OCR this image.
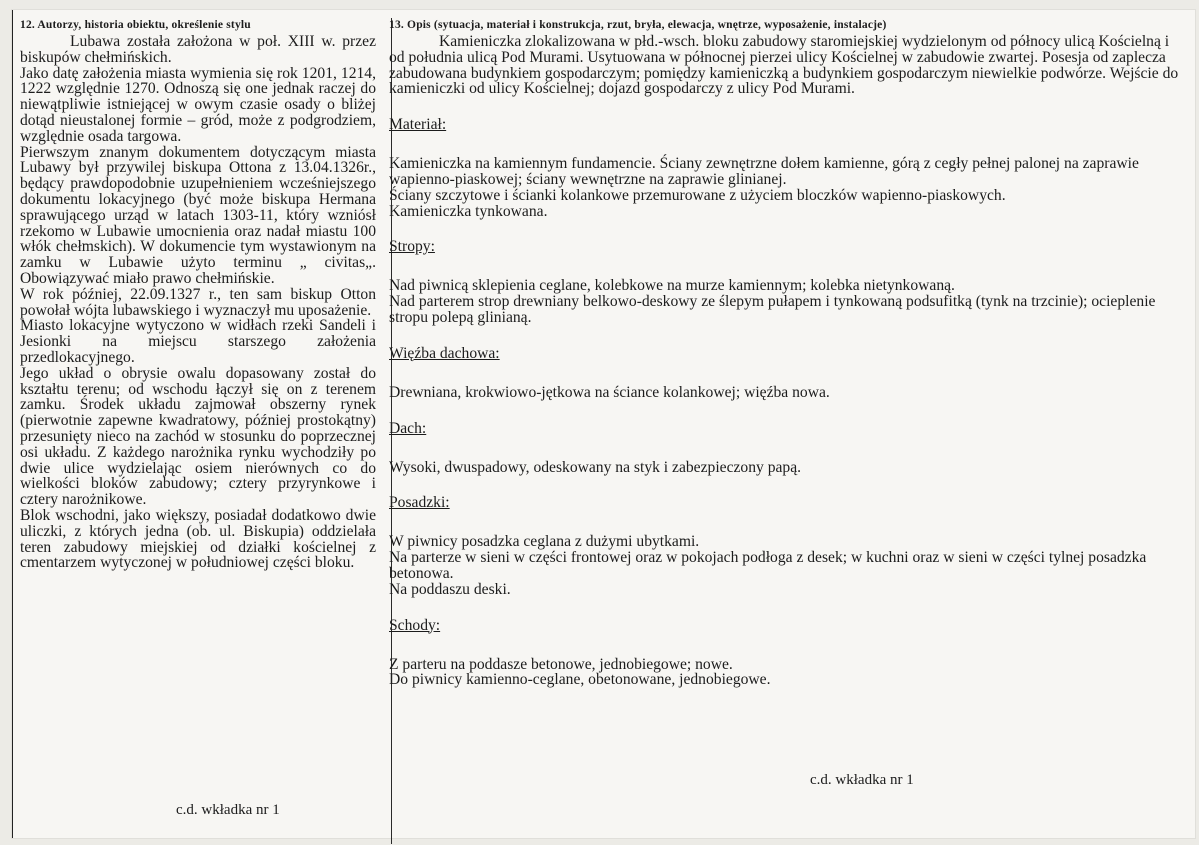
12. Autorzy, historia obiektu, określenie stylu

Lubawa została założona w poł. XIII w. przez biskupów chełmińskich.

Jako datę założenia miasta wymienia się rok 1201, 1214, 1222 względnie 1270. Odnoszą się one jednak raczej do niewątpliwie istniejącej w owym czasie osady o bliżej dotąd nieustalonej formie – gród, może z podgrodziem, względnie osada targowa.

Pierwszym znanym dokumentem dotyczącym miasta Lubawy był przywilej biskupa Ottona z 13.04.1326r., będący prawdopodobnie uzupełnieniem wcześniejszego dokumentu lokacyjnego (być może biskupa Hermana sprawującego urząd w latach 1303-11, który wzniósł rzekomo w Lubawie umocnienia oraz nadał miastu 100 włók chełmskich). W dokumencie tym wystawionym na zamku w Lubawie użyto terminu „ civitas„. Obowiązywać miało prawo chełmińskie.

W rok później, 22.09.1327 r., ten sam biskup Otton powołał wójta lubawskiego i wyznaczył mu uposażenie.

Miasto lokacyjne wytyczono w widłach rzeki Sandeli i Jesionki na miejscu starszego założenia przedlokacyjnego.

Jego układ o obrysie owalu dopasowany został do kształtu terenu; od wschodu łączył się on z terenem zamku. Środek układu zajmował obszerny rynek (pierwotnie zapewne kwadratowy, później prostokątny) przesunięty nieco na zachód w stosunku do poprzecznej osi układu. Z każdego narożnika rynku wychodziły po dwie ulice wydzielając osiem nierównych co do wielkości bloków zabudowy; cztery przyrynkowe i cztery narożnikowe.

Blok wschodni, jako większy, posiadał dodatkowo dwie uliczki, z których jedna (ob. ul. Biskupia) oddzielała teren zabudowy miejskiej od działki kościelnej z cmentarzem wytyczonej w południowej części bloku.

c.d. wkładka nr 1
13. Opis (sytuacja, materiał i konstrukcja, rzut, bryła, elewacja, wnętrze, wyposażenie, instalacje)

Kamieniczka zlokalizowana w płd.-wsch. bloku zabudowy staromiejskiej wydzielonym od północy ulicą Kościelną i od południa ulicą Pod Murami. Usytuowana w północnej pierzei ulicy Kościelnej w zabudowie zwartej. Posesja od zaplecza zabudowana budynkiem gospodarczym; pomiędzy kamieniczką a budynkiem gospodarczym niewielkie podwórze. Wejście do kamieniczki od ulicy Kościelnej; dojazd gospodarczy z ulicy Pod Murami.

Materiał:

Kamieniczka na kamiennym fundamencie. Ściany zewnętrzne dołem kamienne, górą z cegły pełnej palonej na zaprawie wapienno-piaskowej; ściany wewnętrzne na zaprawie glinianej.

Ściany szczytowe i ścianki kolankowe przemurowane z użyciem bloczków wapienno-piaskowych.

Kamieniczka tynkowana.

Stropy:

Nad piwnicą sklepienia ceglane, kolebkowe na murze kamiennym; kolebka nietynkowaną.

Nad parterem strop drewniany belkowo-deskowy ze ślepym pułapem i tynkowaną podsufitką (tynk na trzcinie); ocieplenie stropu polepą glinianą.

Więźba dachowa:

Drewniana, krokwiowo-jętkowa na ściance kolankowej; więźba nowa.

Dach:

Wysoki, dwuspadowy, odeskowany na styk i zabezpieczony papą.

Posadzki:

W piwnicy posadzka ceglana z dużymi ubytkami.

Na parterze w sieni w części frontowej oraz w pokojach podłoga z desek; w kuchni oraz w sieni w części tylnej posadzka betonowa.

Na poddaszu deski.

Schody:

Z parteru na poddasze betonowe, jednobiegowe; nowe.

Do piwnicy kamienno-ceglane, obetonowane, jednobiegowe.

c.d. wkładka nr 1
